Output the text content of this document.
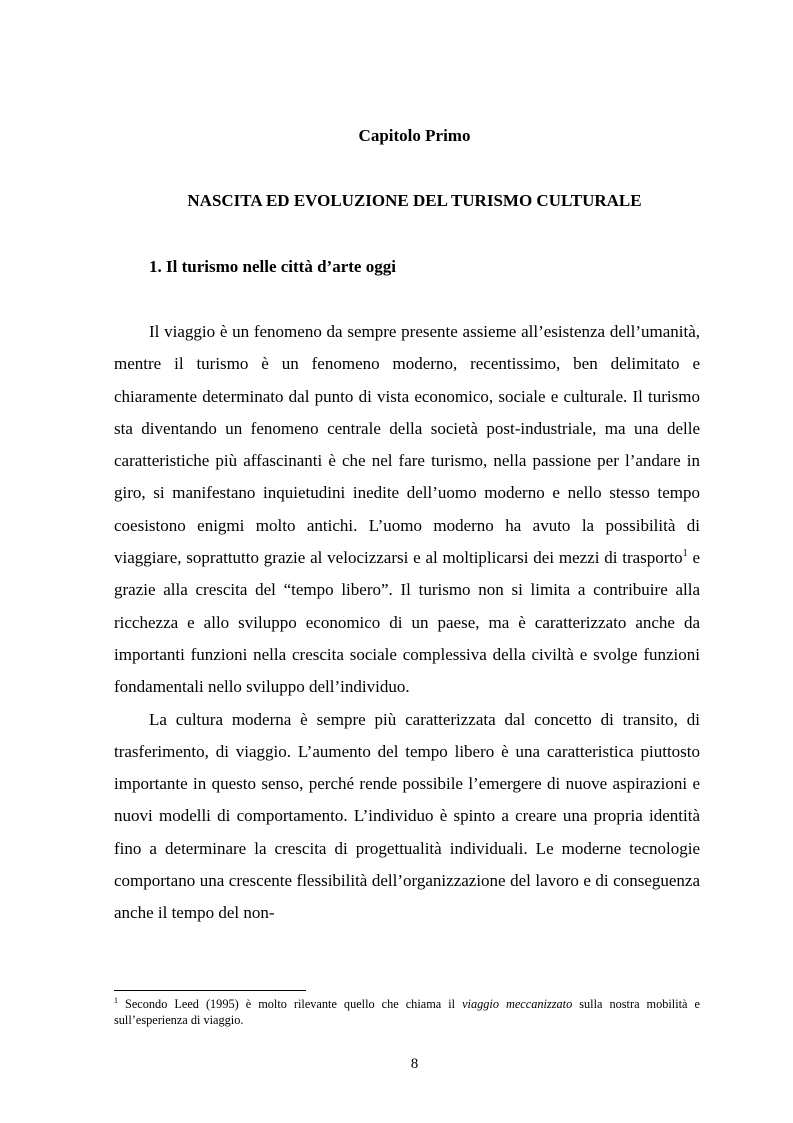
Capitolo Primo
NASCITA ED EVOLUZIONE DEL TURISMO CULTURALE
1. Il turismo nelle città d’arte oggi

Il viaggio è un fenomeno da sempre presente assieme all’esistenza dell’umanità, mentre il turismo è un fenomeno moderno, recentissimo, ben delimitato e chiaramente determinato dal punto di vista economico, sociale e culturale. Il turismo sta diventando un fenomeno centrale della società post-industriale, ma una delle caratteristiche più affascinanti è che nel fare turismo, nella passione per l’andare in giro, si manifestano inquietudini inedite dell’uomo moderno e nello stesso tempo coesistono enigmi molto antichi. L’uomo moderno ha avuto la possibilità di viaggiare, soprattutto grazie al velocizzarsi e al moltiplicarsi dei mezzi di trasporto$^1$ e grazie alla crescita del “tempo libero”. Il turismo non si limita a contribuire alla ricchezza e allo sviluppo economico di un paese, ma è caratterizzato anche da importanti funzioni nella crescita sociale complessiva della civiltà e svolge funzioni fondamentali nello sviluppo dell’individuo.

La cultura moderna è sempre più caratterizzata dal concetto di transito, di trasferimento, di viaggio. L’aumento del tempo libero è una caratteristica piuttosto importante in questo senso, perché rende possibile l’emergere di nuove aspirazioni e nuovi modelli di comportamento. L’individuo è spinto a creare una propria identità fino a determinare la crescita di progettualità individuali. Le moderne tecnologie comportano una crescente flessibilità dell’organizzazione del lavoro e di conseguenza anche il tempo del non-

$^1$ Secondo Leed (1995) è molto rilevante quello che chiama il viaggio meccanizzato sulla nostra mobilità e sull’esperienza di viaggio.
8
